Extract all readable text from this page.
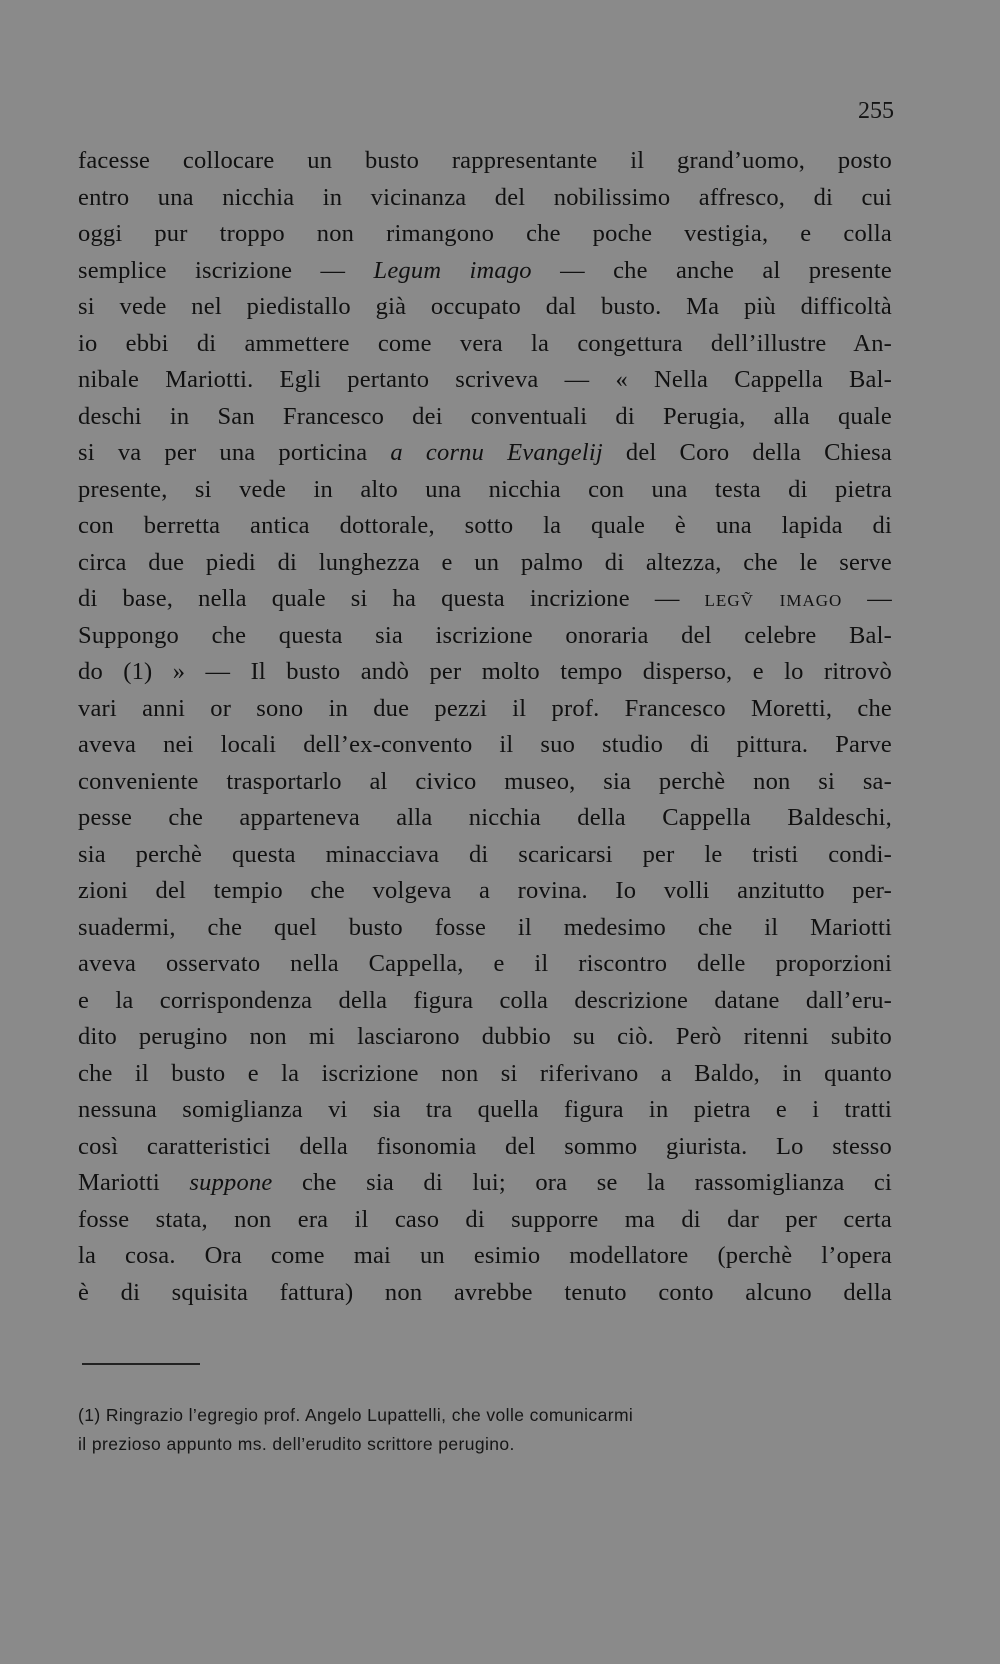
255
facesse collocare un busto rappresentante il grand’uomo, posto
entro una nicchia in vicinanza del nobilissimo affresco, di cui
oggi pur troppo non rimangono che poche vestigia, e colla
semplice iscrizione — Legum imago — che anche al presente
si vede nel piedistallo già occupato dal busto. Ma più difficoltà
io ebbi di ammettere come vera la congettura dell’illustre An-
nibale Mariotti. Egli pertanto scriveva — « Nella Cappella Bal-
deschi in San Francesco dei conventuali di Perugia, alla quale
si va per una porticina a cornu Evangelij del Coro della Chiesa
presente, si vede in alto una nicchia con una testa di pietra
con berretta antica dottorale, sotto la quale è una lapida di
circa due piedi di lunghezza e un palmo di altezza, che le serve
di base, nella quale si ha questa incrizione — legṽ imago —
Suppongo che questa sia iscrizione onoraria del celebre Bal-
do (1) » — Il busto andò per molto tempo disperso, e lo ritrovò
vari anni or sono in due pezzi il prof. Francesco Moretti, che
aveva nei locali dell’ex-convento il suo studio di pittura. Parve
conveniente trasportarlo al civico museo, sia perchè non si sa-
pesse che apparteneva alla nicchia della Cappella Baldeschi,
sia perchè questa minacciava di scaricarsi per le tristi condi-
zioni del tempio che volgeva a rovina. Io volli anzitutto per-
suadermi, che quel busto fosse il medesimo che il Mariotti
aveva osservato nella Cappella, e il riscontro delle proporzioni
e la corrispondenza della figura colla descrizione datane dall’eru-
dito perugino non mi lasciarono dubbio su ciò. Però ritenni subito
che il busto e la iscrizione non si riferivano a Baldo, in quanto
nessuna somiglianza vi sia tra quella figura in pietra e i tratti
così caratteristici della fisonomia del sommo giurista. Lo stesso
Mariotti suppone che sia di lui; ora se la rassomiglianza ci
fosse stata, non era il caso di supporre ma di dar per certa
la cosa. Ora come mai un esimio modellatore (perchè l’opera
è di squisita fattura) non avrebbe tenuto conto alcuno della
(1) Ringrazio l’egregio prof. Angelo Lupattelli, che volle comunicarmi
il prezioso appunto ms. dell’erudito scrittore perugino.
